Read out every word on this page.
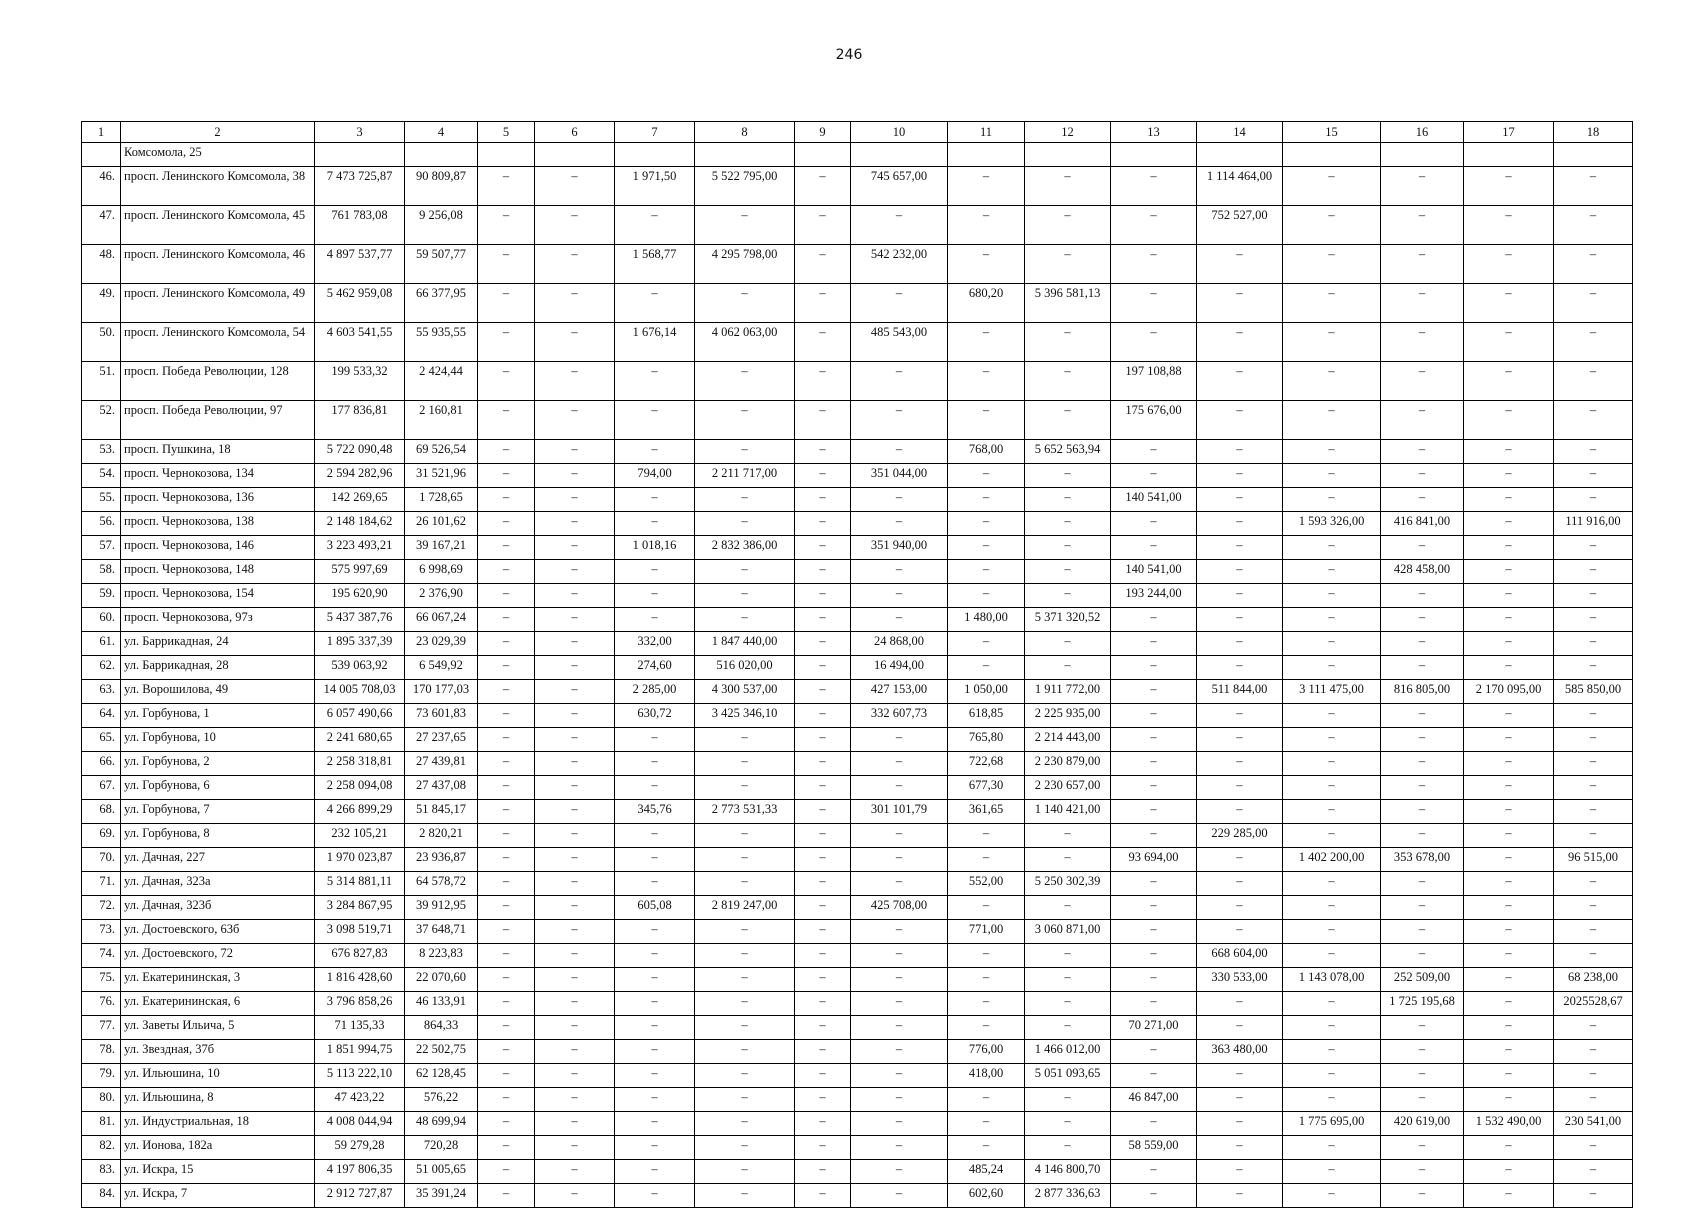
246
1	2	3	4	5	6	7	8	9	10	11	12	13	14	15	16	17	18
	Комсомола, 25																
46.	просп. Ленинского Комсомола, 38	7 473 725,87	90 809,87	–	–	1 971,50	5 522 795,00	–	745 657,00	–	–	–	1 114 464,00	–	–	–	–
47.	просп. Ленинского Комсомола, 45	761 783,08	9 256,08	–	–	–	–	–	–	–	–	–	752 527,00	–	–	–	–
48.	просп. Ленинского Комсомола, 46	4 897 537,77	59 507,77	–	–	1 568,77	4 295 798,00	–	542 232,00	–	–	–	–	–	–	–	–
49.	просп. Ленинского Комсомола, 49	5 462 959,08	66 377,95	–	–	–	–	–	–	680,20	5 396 581,13	–	–	–	–	–	–
50.	просп. Ленинского Комсомола, 54	4 603 541,55	55 935,55	–	–	1 676,14	4 062 063,00	–	485 543,00	–	–	–	–	–	–	–	–
51.	просп. Победа Революции, 128	199 533,32	2 424,44	–	–	–	–	–	–	–	–	197 108,88	–	–	–	–	–
52.	просп. Победа Революции, 97	177 836,81	2 160,81	–	–	–	–	–	–	–	–	175 676,00	–	–	–	–	–
53.	просп. Пушкина, 18	5 722 090,48	69 526,54	–	–	–	–	–	–	768,00	5 652 563,94	–	–	–	–	–	–
54.	просп. Чернокозова, 134	2 594 282,96	31 521,96	–	–	794,00	2 211 717,00	–	351 044,00	–	–	–	–	–	–	–	–
55.	просп. Чернокозова, 136	142 269,65	1 728,65	–	–	–	–	–	–	–	–	140 541,00	–	–	–	–	–
56.	просп. Чернокозова, 138	2 148 184,62	26 101,62	–	–	–	–	–	–	–	–	–	–	1 593 326,00	416 841,00	–	111 916,00
57.	просп. Чернокозова, 146	3 223 493,21	39 167,21	–	–	1 018,16	2 832 386,00	–	351 940,00	–	–	–	–	–	–	–	–
58.	просп. Чернокозова, 148	575 997,69	6 998,69	–	–	–	–	–	–	–	–	140 541,00	–	–	428 458,00	–	–
59.	просп. Чернокозова, 154	195 620,90	2 376,90	–	–	–	–	–	–	–	–	193 244,00	–	–	–	–	–
60.	просп. Чернокозова, 97з	5 437 387,76	66 067,24	–	–	–	–	–	–	1 480,00	5 371 320,52	–	–	–	–	–	–
61.	ул. Баррикадная, 24	1 895 337,39	23 029,39	–	–	332,00	1 847 440,00	–	24 868,00	–	–	–	–	–	–	–	–
62.	ул. Баррикадная, 28	539 063,92	6 549,92	–	–	274,60	516 020,00	–	16 494,00	–	–	–	–	–	–	–	–
63.	ул. Ворошилова, 49	14 005 708,03	170 177,03	–	–	2 285,00	4 300 537,00	–	427 153,00	1 050,00	1 911 772,00	–	511 844,00	3 111 475,00	816 805,00	2 170 095,00	585 850,00
64.	ул. Горбунова, 1	6 057 490,66	73 601,83	–	–	630,72	3 425 346,10	–	332 607,73	618,85	2 225 935,00	–	–	–	–	–	–
65.	ул. Горбунова, 10	2 241 680,65	27 237,65	–	–	–	–	–	–	765,80	2 214 443,00	–	–	–	–	–	–
66.	ул. Горбунова, 2	2 258 318,81	27 439,81	–	–	–	–	–	–	722,68	2 230 879,00	–	–	–	–	–	–
67.	ул. Горбунова, 6	2 258 094,08	27 437,08	–	–	–	–	–	–	677,30	2 230 657,00	–	–	–	–	–	–
68.	ул. Горбунова, 7	4 266 899,29	51 845,17	–	–	345,76	2 773 531,33	–	301 101,79	361,65	1 140 421,00	–	–	–	–	–	–
69.	ул. Горбунова, 8	232 105,21	2 820,21	–	–	–	–	–	–	–	–	–	229 285,00	–	–	–	–
70.	ул. Дачная, 227	1 970 023,87	23 936,87	–	–	–	–	–	–	–	–	93 694,00	–	1 402 200,00	353 678,00	–	96 515,00
71.	ул. Дачная, 323а	5 314 881,11	64 578,72	–	–	–	–	–	–	552,00	5 250 302,39	–	–	–	–	–	–
72.	ул. Дачная, 323б	3 284 867,95	39 912,95	–	–	605,08	2 819 247,00	–	425 708,00	–	–	–	–	–	–	–	–
73.	ул. Достоевского, 63б	3 098 519,71	37 648,71	–	–	–	–	–	–	771,00	3 060 871,00	–	–	–	–	–	–
74.	ул. Достоевского, 72	676 827,83	8 223,83	–	–	–	–	–	–	–	–	–	668 604,00	–	–	–	–
75.	ул. Екатерининская, 3	1 816 428,60	22 070,60	–	–	–	–	–	–	–	–	–	330 533,00	1 143 078,00	252 509,00	–	68 238,00
76.	ул. Екатерининская, 6	3 796 858,26	46 133,91	–	–	–	–	–	–	–	–	–	–	–	1 725 195,68	–	2025528,67
77.	ул. Заветы Ильича, 5	71 135,33	864,33	–	–	–	–	–	–	–	–	70 271,00	–	–	–	–	–
78.	ул. Звездная, 37б	1 851 994,75	22 502,75	–	–	–	–	–	–	776,00	1 466 012,00	–	363 480,00	–	–	–	–
79.	ул. Ильюшина, 10	5 113 222,10	62 128,45	–	–	–	–	–	–	418,00	5 051 093,65	–	–	–	–	–	–
80.	ул. Ильюшина, 8	47 423,22	576,22	–	–	–	–	–	–	–	–	46 847,00	–	–	–	–	–
81.	ул. Индустриальная, 18	4 008 044,94	48 699,94	–	–	–	–	–	–	–	–	–	–	1 775 695,00	420 619,00	1 532 490,00	230 541,00
82.	ул. Ионова, 182а	59 279,28	720,28	–	–	–	–	–	–	–	–	58 559,00	–	–	–	–	–
83.	ул. Искра, 15	4 197 806,35	51 005,65	–	–	–	–	–	–	485,24	4 146 800,70	–	–	–	–	–	–
84.	ул. Искра, 7	2 912 727,87	35 391,24	–	–	–	–	–	–	602,60	2 877 336,63	–	–	–	–	–	–
